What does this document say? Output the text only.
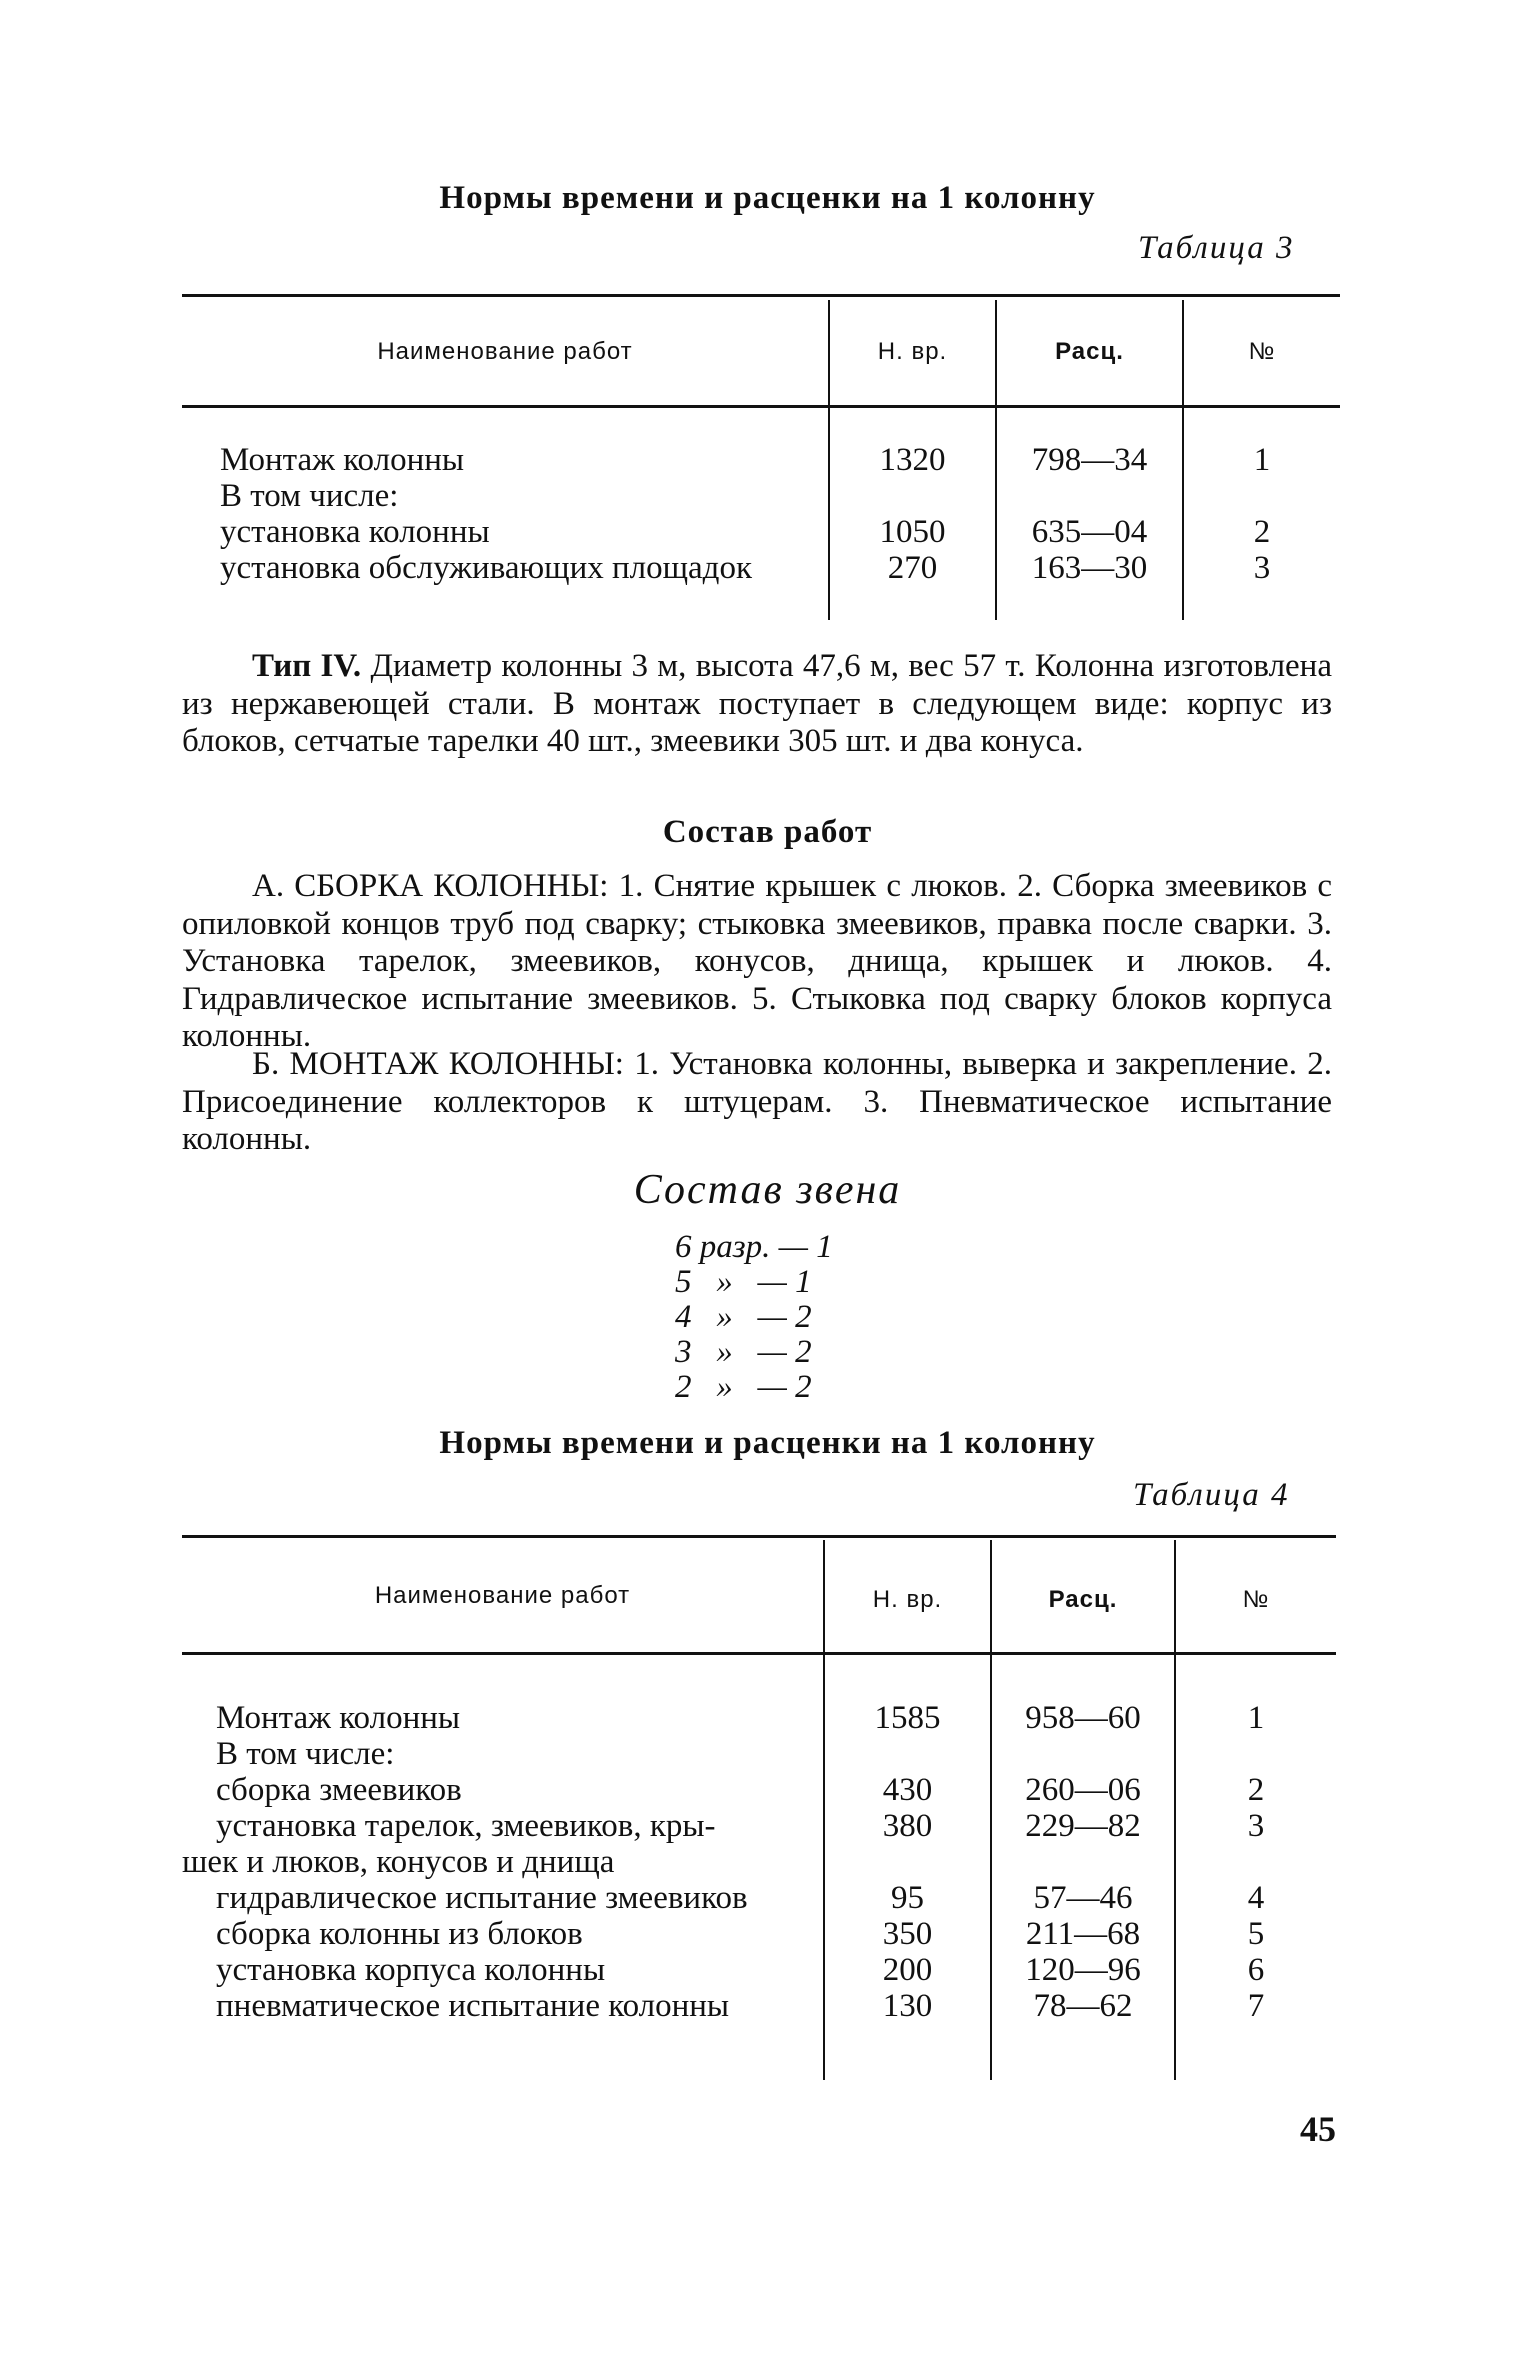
Нормы времени и расценки на 1 колонну
Таблица 3
Наименование работ	Н. вр.	Расц.	№
Монтаж колонны	1320	798—34	1
В том числе:
установка колонны	1050	635—04	2
установка обслуживающих площадок	270	163—30	3

Тип IV. Диаметр колонны 3 м, высота 47,6 м, вес 57 т. Колонна изготовлена из нержавеющей стали. В монтаж поступает в следующем виде: корпус из блоков, сетчатые тарелки 40 шт., змеевики 305 шт. и два конуса.

Состав работ

А. СБОРКА КОЛОННЫ: 1. Снятие крышек с люков. 2. Сборка змеевиков с опиловкой концов труб под сварку; стыковка змеевиков, правка после сварки. 3. Установка тарелок, змеевиков, конусов, днища, крышек и люков. 4. Гидравлическое испытание змеевиков. 5. Стыковка под сварку блоков корпуса колонны.

Б. МОНТАЖ КОЛОННЫ: 1. Установка колонны, выверка и закрепление. 2. Присоединение коллекторов к штуцерам. 3. Пневматическое испытание колонны.

Состав звена
6 разр. — 1
5   »   — 1
4   »   — 2
3   »   — 2
2   »   — 2
Нормы времени и расценки на 1 колонну
Таблица 4
Наименование работ	Н. вр.	Расц.	№
Монтаж колонны	1585	958—60	1
В том числе:
сборка змеевиков	430	260—06	2
установка тарелок, змеевиков, кры-	380	229—82	3
шек и люков, конусов и днища
гидравлическое испытание змеевиков	95	57—46	4
сборка колонны из блоков	350	211—68	5
установка корпуса колонны	200	120—96	6
пневматическое испытание колонны	130	78—62	7
45
